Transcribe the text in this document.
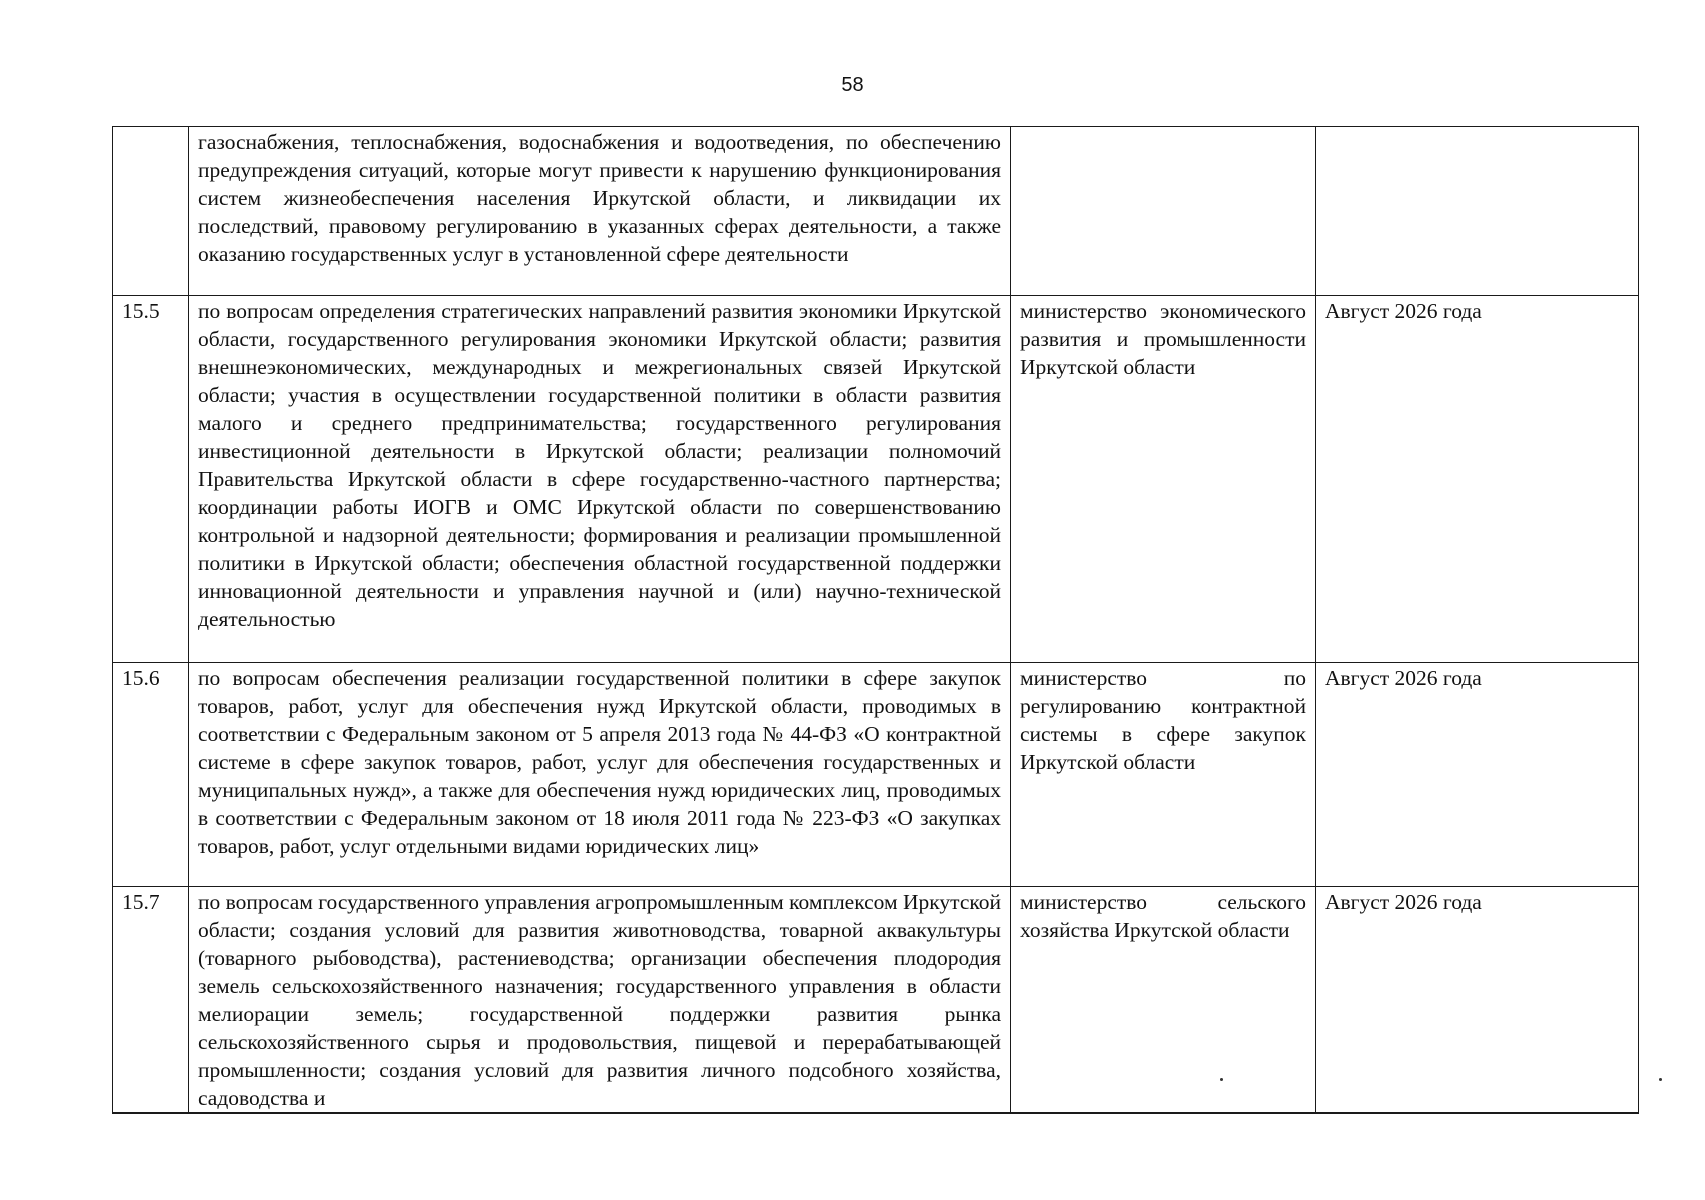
58
	газоснабжения, теплоснабжения, водоснабжения и водоотведения, по обеспечению предупреждения ситуаций, которые могут привести к нарушению функционирования систем жизнеобеспечения населения Иркутской области, и ликвидации их последствий, правовому регулированию в указанных сферах деятельности, а также оказанию государственных услуг в установленной сфере деятельности		
15.5	по вопросам определения стратегических направлений развития экономики Иркутской области, государственного регулирования экономики Иркутской области; развития внешнеэкономических, международных и межрегиональных связей Иркутской области; участия в осуществлении государственной политики в области развития малого и среднего предпринимательства; государственного регулирования инвестиционной деятельности в Иркутской области; реализации полномочий Правительства Иркутской области в сфере государственно-частного партнерства; координации работы ИОГВ и ОМС Иркутской области по совершенствованию контрольной и надзорной деятельности; формирования и реализации промышленной политики в Иркутской области; обеспечения областной государственной поддержки инновационной деятельности и управления научной и (или) научно-технической деятельностью	министерство экономического развития и промышленности Иркутской области	Август 2026 года
15.6	по вопросам обеспечения реализации государственной политики в сфере закупок товаров, работ, услуг для обеспечения нужд Иркутской области, проводимых в соответствии с Федеральным законом от 5 апреля 2013 года № 44-ФЗ «О контрактной системе в сфере закупок товаров, работ, услуг для обеспечения государственных и муниципальных нужд», а также для обеспечения нужд юридических лиц, проводимых в соответствии с Федеральным законом от 18 июля 2011 года № 223-ФЗ «О закупках товаров, работ, услуг отдельными видами юридических лиц»	министерство по регулированию контрактной системы в сфере закупок Иркутской области	Август 2026 года
15.7	по вопросам государственного управления агропромышленным комплексом Иркутской области; создания условий для развития животноводства, товарной аквакультуры (товарного рыбоводства), растениеводства; организации обеспечения плодородия земель сельскохозяйственного назначения; государственного управления в области мелиорации земель; государственной поддержки развития рынка сельскохозяйственного сырья и продовольствия, пищевой и перерабатывающей промышленности; создания условий для развития личного подсобного хозяйства, садоводства и	министерство сельского хозяйства Иркутской области	Август 2026 года
